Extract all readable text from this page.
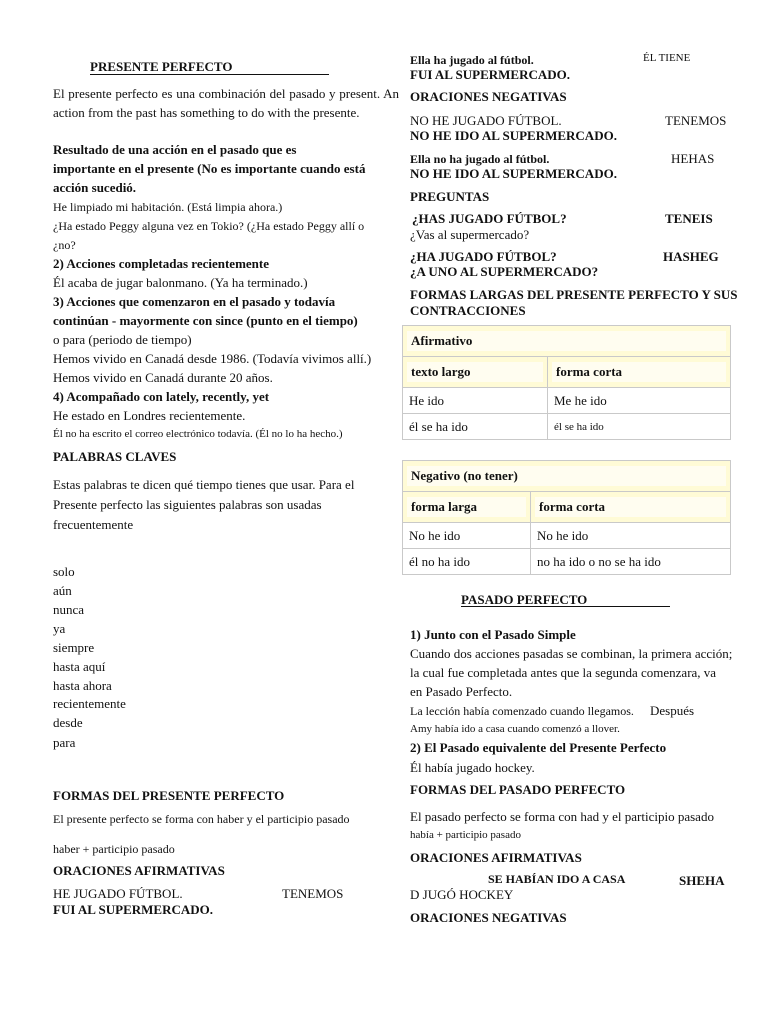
PRESENTE PERFECTO
El presente perfecto es una combinación del pasado y present. An action from the past has something to do with the presente.
Resultado de una acción en el pasado que es
importante en el presente (No es importante cuando está
acción sucedió.
He limpiado mi habitación. (Está limpia ahora.)
¿Ha estado Peggy alguna vez en Tokio? (¿Ha estado Peggy allí o
¿no?
2) Acciones completadas recientemente
Él acaba de jugar balonmano. (Ya ha terminado.)
3) Acciones que comenzaron en el pasado y todavía
continúan - mayormente con since (punto en el tiempo)
o para (periodo de tiempo)
Hemos vivido en Canadá desde 1986. (Todavía vivimos allí.)
Hemos vivido en Canadá durante 20 años.
4) Acompañado con lately, recently, yet
He estado en Londres recientemente.
Él no ha escrito el correo electrónico todavía. (Él no lo ha hecho.)
PALABRAS CLAVES
Estas palabras te dicen qué tiempo tienes que usar. Para el Presente perfecto las siguientes palabras son usadas frecuentemente
solo
aún
nunca
ya
siempre
hasta aquí
hasta ahora
recientemente
desde
para
FORMAS DEL PRESENTE PERFECTO
El presente perfecto se forma con haber y el participio pasado
haber + participio pasado
ORACIONES AFIRMATIVAS
HE JUGADO FÚTBOL.	TENEMOS
FUI AL SUPERMERCADO.
Ella ha jugado al fútbol.	ÉL TIENE
FUI AL SUPERMERCADO.
ORACIONES NEGATIVAS
NO HE JUGADO FÚTBOL.	TENEMOS
NO HE IDO AL SUPERMERCADO.
Ella no ha jugado al fútbol.	HEHAS
NO HE IDO AL SUPERMERCADO.
PREGUNTAS
¿HAS JUGADO FÚTBOL?	TENEIS
¿Vas al supermercado?
¿HA JUGADO FÚTBOL?	HASHEG
¿A UNO AL SUPERMERCADO?
FORMAS LARGAS DEL PRESENTE PERFECTO Y SUS
CONTRACCIONES
Afirmativo	

texto largo	forma corta

He ido	Me he ido
él se ha ido	él se ha ido
Negativo (no tener)	

forma larga	forma corta

No he ido	No he ido
él no ha ido	no ha ido o no se ha ido
PASADO PERFECTO
1) Junto con el Pasado Simple
Cuando dos acciones pasadas se combinan, la primera acción;
la cual fue completada antes que la segunda comenzara, va
en Pasado Perfecto.
La lección había comenzado cuando llegamos. Después
Amy había ido a casa cuando comenzó a llover.
2) El Pasado equivalente del Presente Perfecto
Él había jugado hockey.
FORMAS DEL PASADO PERFECTO
El pasado perfecto se forma con had y el participio pasado
había + participio pasado
ORACIONES AFIRMATIVAS
SE HABÍAN IDO A CASA	SHEHA
D JUGÓ HOCKEY
ORACIONES NEGATIVAS
